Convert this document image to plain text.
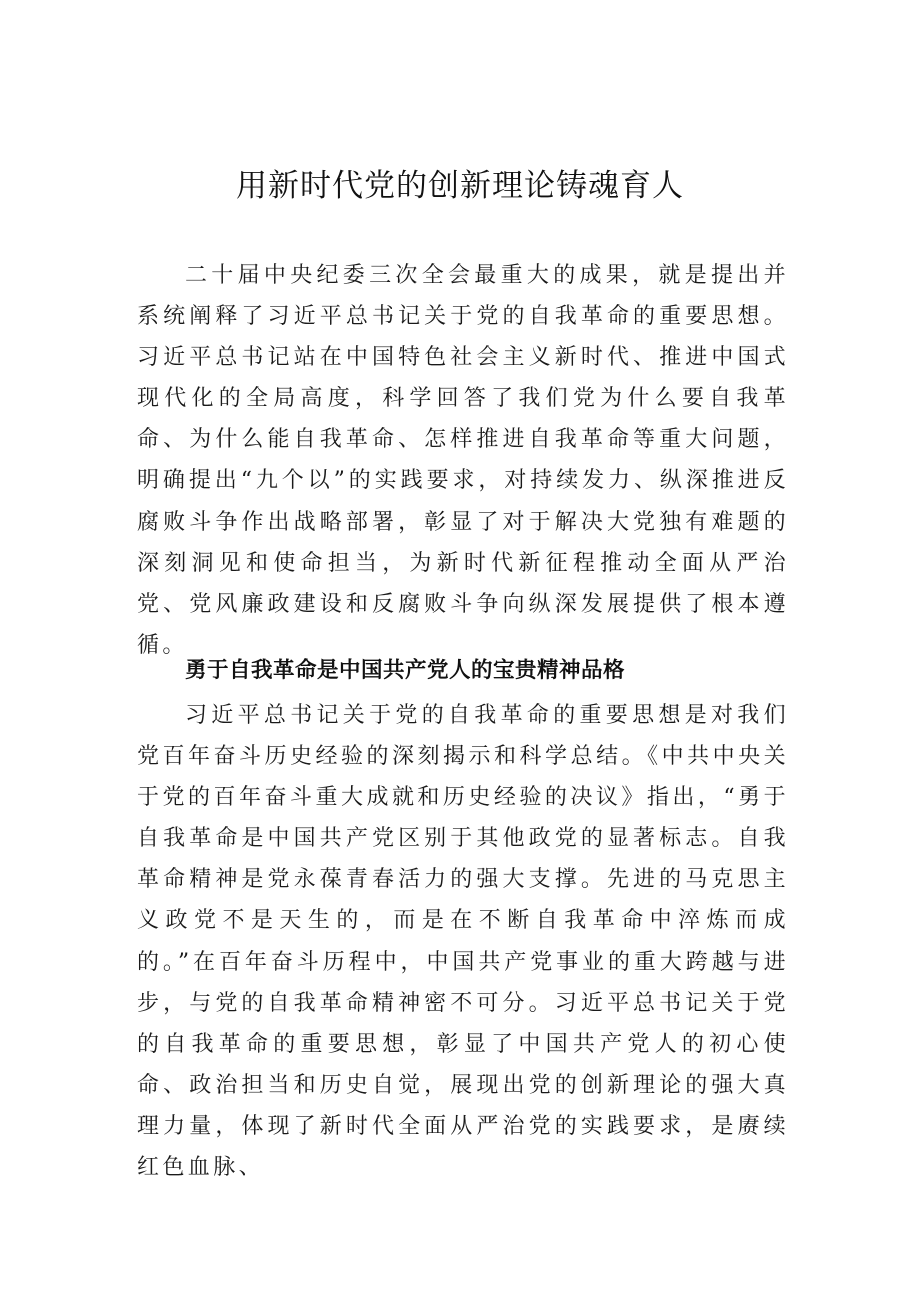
用新时代党的创新理论铸魂育人

二十届中央纪委三次全会最重大的成果，就是提出并系统阐释了习近平总书记关于党的自我革命的重要思想。习近平总书记站在中国特色社会主义新时代、推进中国式现代化的全局高度，科学回答了我们党为什么要自我革命、为什么能自我革命、怎样推进自我革命等重大问题，明确提出“九个以”的实践要求，对持续发力、纵深推进反腐败斗争作出战略部署，彰显了对于解决大党独有难题的深刻洞见和使命担当，为新时代新征程推动全面从严治党、党风廉政建设和反腐败斗争向纵深发展提供了根本遵循。

勇于自我革命是中国共产党人的宝贵精神品格

习近平总书记关于党的自我革命的重要思想是对我们党百年奋斗历史经验的深刻揭示和科学总结。《中共中央关于党的百年奋斗重大成就和历史经验的决议》指出，“勇于自我革命是中国共产党区别于其他政党的显著标志。自我革命精神是党永葆青春活力的强大支撑。先进的马克思主义政党不是天生的，而是在不断自我革命中淬炼而成的。”在百年奋斗历程中，中国共产党事业的重大跨越与进步，与党的自我革命精神密不可分。习近平总书记关于党的自我革命的重要思想，彰显了中国共产党人的初心使命、政治担当和历史自觉，展现出党的创新理论的强大真理力量，体现了新时代全面从严治党的实践要求，是赓续红色血脉、
